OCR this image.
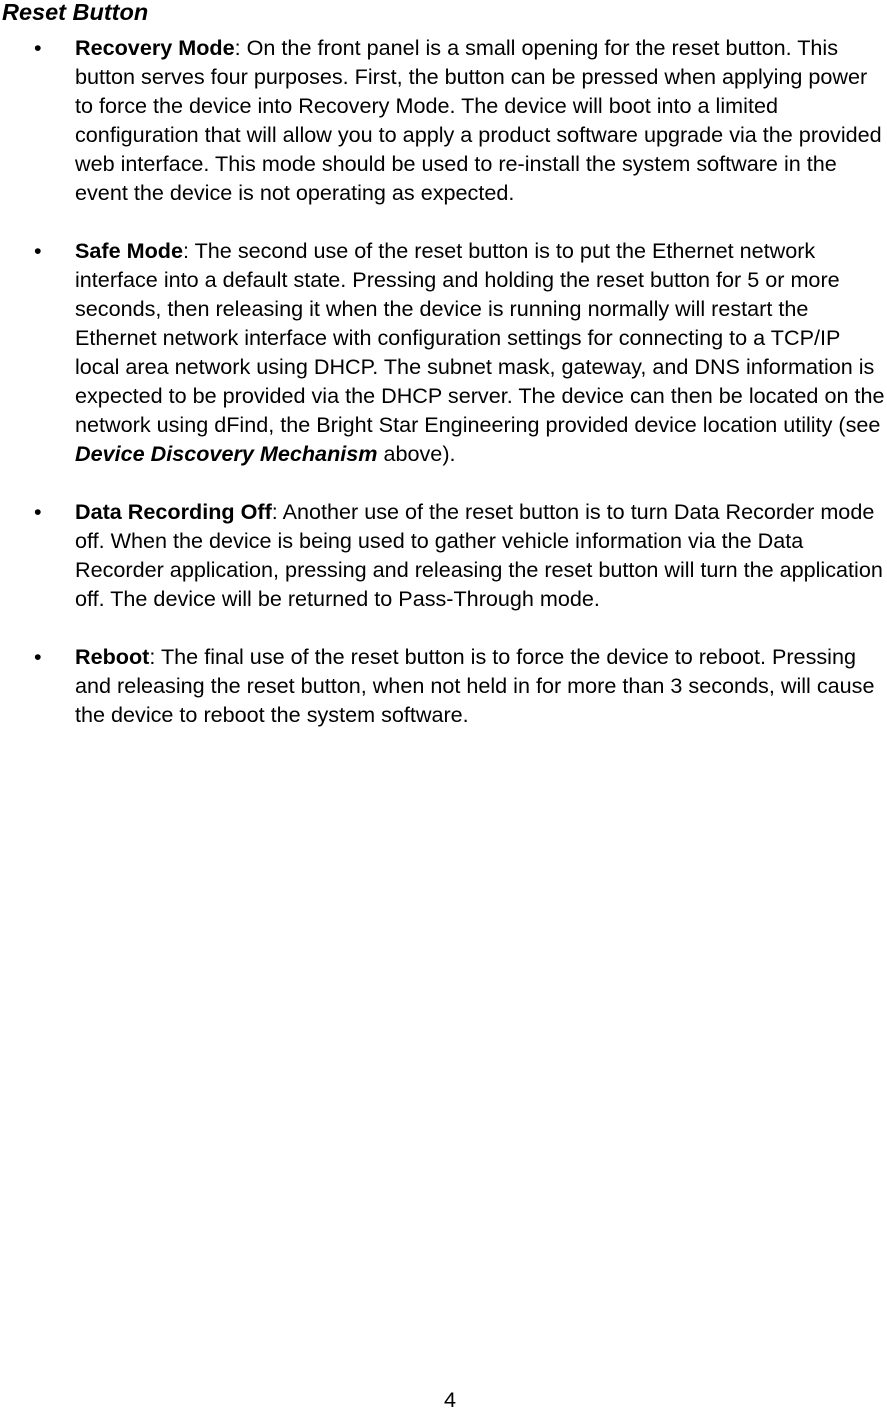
Reset Button
• Recovery Mode: On the front panel is a small opening for the reset button. This button serves four purposes. First, the button can be pressed when applying power to force the device into Recovery Mode. The device will boot into a limited configuration that will allow you to apply a product software upgrade via the provided web interface. This mode should be used to re-install the system software in the event the device is not operating as expected.
• Safe Mode: The second use of the reset button is to put the Ethernet network interface into a default state. Pressing and holding the reset button for 5 or more seconds, then releasing it when the device is running normally will restart the Ethernet network interface with configuration settings for connecting to a TCP/IP local area network using DHCP. The subnet mask, gateway, and DNS information is expected to be provided via the DHCP server. The device can then be located on the network using dFind, the Bright Star Engineering provided device location utility (see Device Discovery Mechanism above).
• Data Recording Off: Another use of the reset button is to turn Data Recorder mode off. When the device is being used to gather vehicle information via the Data Recorder application, pressing and releasing the reset button will turn the application off. The device will be returned to Pass-Through mode.
• Reboot: The final use of the reset button is to force the device to reboot. Pressing and releasing the reset button, when not held in for more than 3 seconds, will cause the device to reboot the system software.
4
